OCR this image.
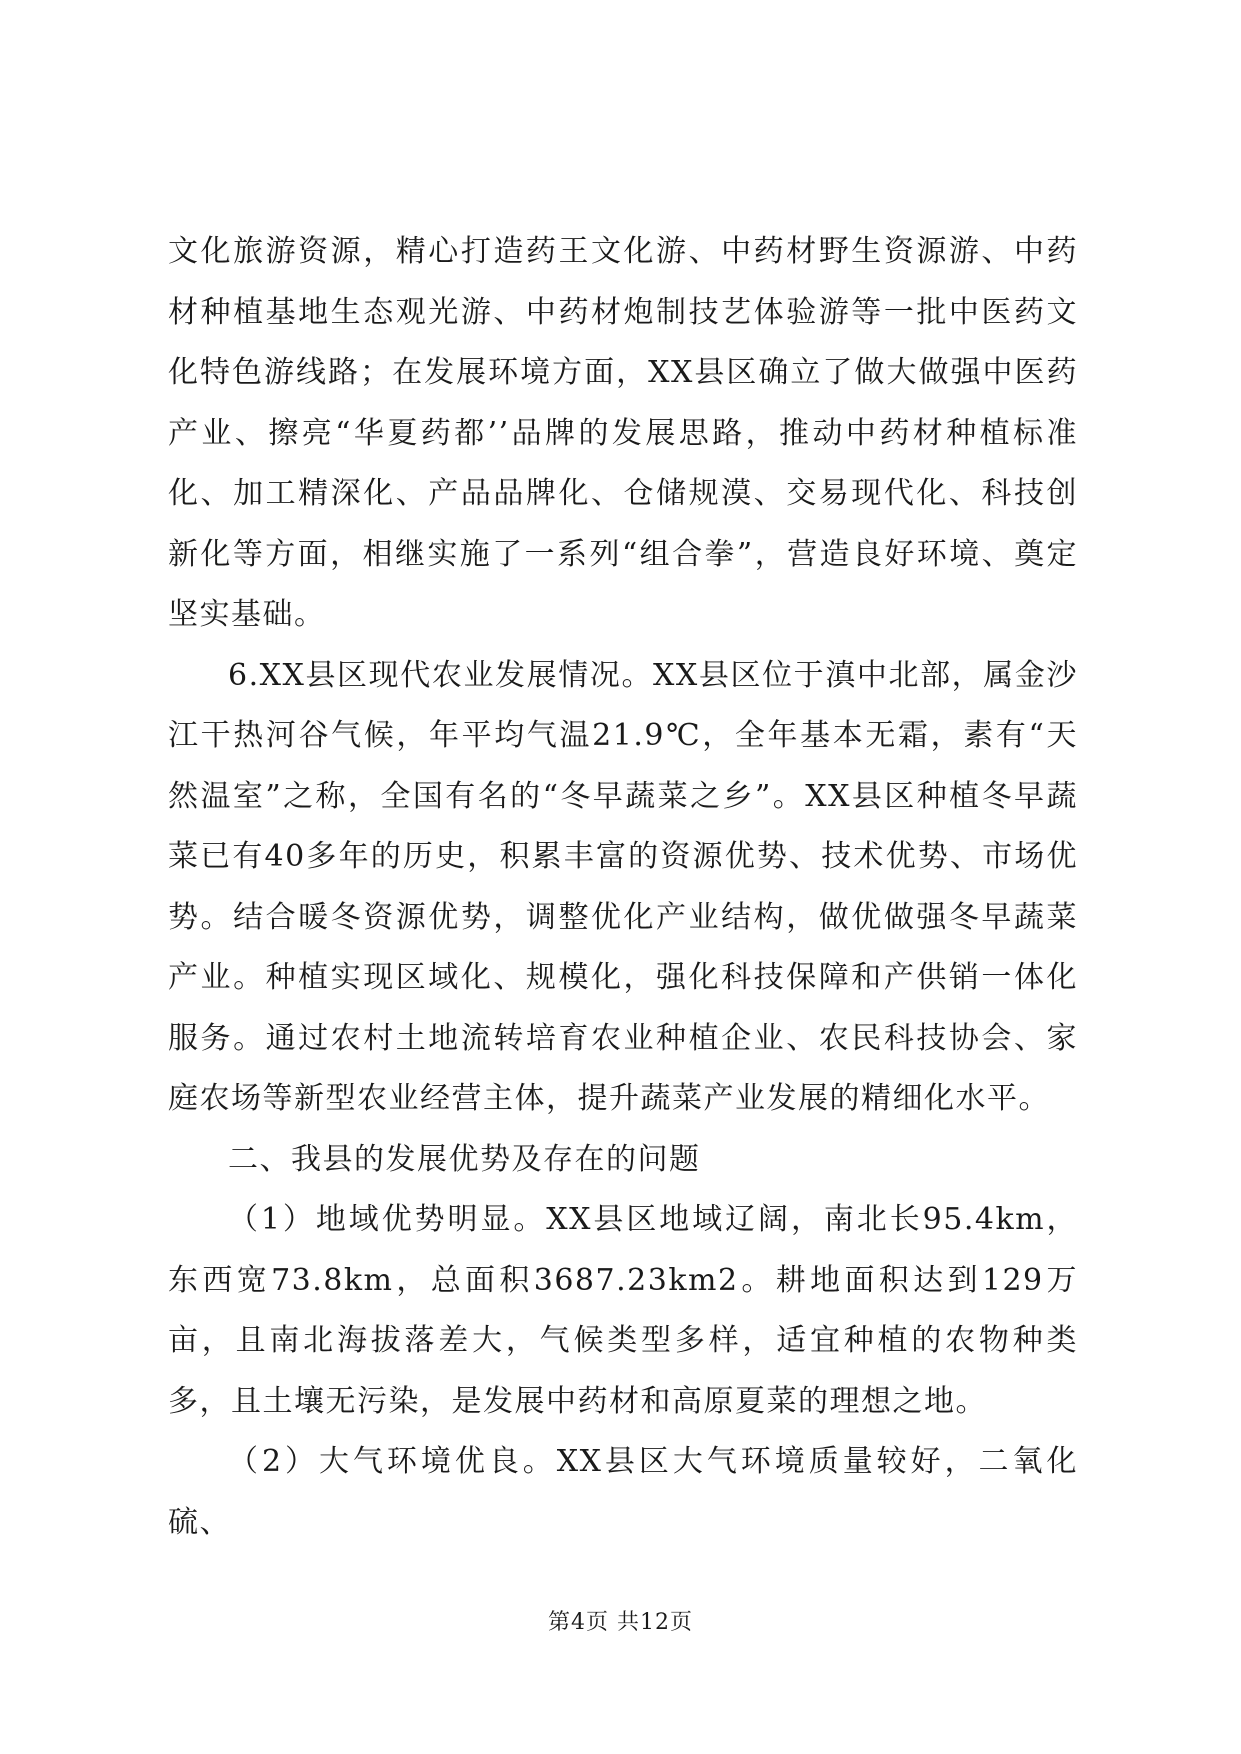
文化旅游资源，精心打造药王文化游、中药材野生资源游、中药材种植基地生态观光游、中药材炮制技艺体验游等一批中医药文化特色游线路；在发展环境方面，XX县区确立了做大做强中医药产业、擦亮“华夏药都’’品牌的发展思路，推动中药材种植标准化、加工精深化、产品品牌化、仓储规漠、交易现代化、科技创新化等方面，相继实施了一系列“组合拳”，营造良好环境、奠定坚实基础。

6.XX县区现代农业发展情况。XX县区位于滇中北部，属金沙江干热河谷气候，年平均气温21.9℃，全年基本无霜，素有“天然温室”之称，全国有名的“冬早蔬菜之乡”。XX县区种植冬早蔬菜已有40多年的历史，积累丰富的资源优势、技术优势、市场优势。结合暖冬资源优势，调整优化产业结构，做优做强冬早蔬菜产业。种植实现区域化、规模化，强化科技保障和产供销一体化服务。通过农村土地流转培育农业种植企业、农民科技协会、家庭农场等新型农业经营主体，提升蔬菜产业发展的精细化水平。

二、我县的发展优势及存在的问题

（1）地域优势明显。XX县区地域辽阔，南北长95.4km，东西宽73.8km，总面积3687.23km2。耕地面积达到129万亩，且南北海拔落差大，气候类型多样，适宜种植的农物种类多，且土壤无污染，是发展中药材和高原夏菜的理想之地。

（2）大气环境优良。XX县区大气环境质量较好，二氧化硫、

第4页 共12页
